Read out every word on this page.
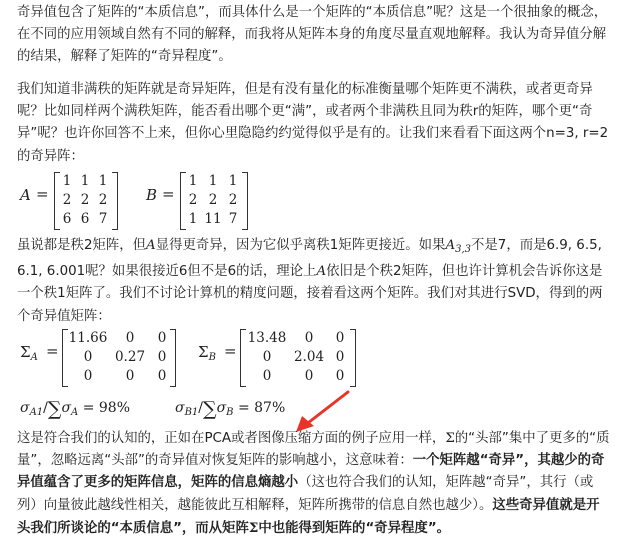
奇异值包含了矩阵的“本质信息”，而具体什么是一个矩阵的“本质信息”呢？这是一个很抽象的概念，在不同的应用领域自然有不同的解释，而我将从矩阵本身的角度尽量直观地解释。我认为奇异值分解的结果，解释了矩阵的“奇异程度”。

我们知道非满秩的矩阵就是奇异矩阵，但是有没有量化的标准衡量哪个矩阵更不满秩，或者更奇异呢？比如同样两个满秩矩阵，能否看出哪个更“满”，或者两个非满秩且同为秩r的矩阵，哪个更“奇异”呢？也许你回答不上来，但你心里隐隐约约觉得似乎是有的。让我们来看看下面这两个n=3, r=2的奇异阵：

A =
1 1 1
2 2 2
6 6 7
B =
1 1 1
2 2 2
1 11 7

虽说都是秩2矩阵，但A显得更奇异，因为它似乎离秩1矩阵更接近。如果$A_{3,3}$不是7，而是6.9, 6.5, 6.1, 6.001呢？如果很接近6但不是6的话，理论上A依旧是个秩2矩阵，但也许计算机会告诉你这是一个秩1矩阵了。我们不讨论计算机的精度问题，接着看这两个矩阵。我们对其进行SVD，得到的两个奇异值矩阵：

$\Sigma_A$ =
11.66	0	0
0	0.27 0
0	0	0
$\Sigma_B$ =
13.48	0	0
0	2.04 0
0	0	0
$\sigma_{A1}/\sum\sigma_A = 98\%$	$\sigma_{B1}/\sum\sigma_B = 87\%$

这是符合我们的认知的，正如在PCA或者图像压缩方面的例子应用一样，Σ的“头部”集中了更多的“质量”，忽略远离“头部”的奇异值对恢复矩阵的影响越小，这意味着：一个矩阵越“奇异”，其越少的奇异值蕴含了更多的矩阵信息，矩阵的信息熵越小（这也符合我们的认知，矩阵越“奇异”，其行（或列）向量彼此越线性相关，越能彼此互相解释，矩阵所携带的信息自然也越少）。这些奇异值就是开头我们所谈论的“本质信息”，而从矩阵Σ中也能得到矩阵的“奇异程度”。
